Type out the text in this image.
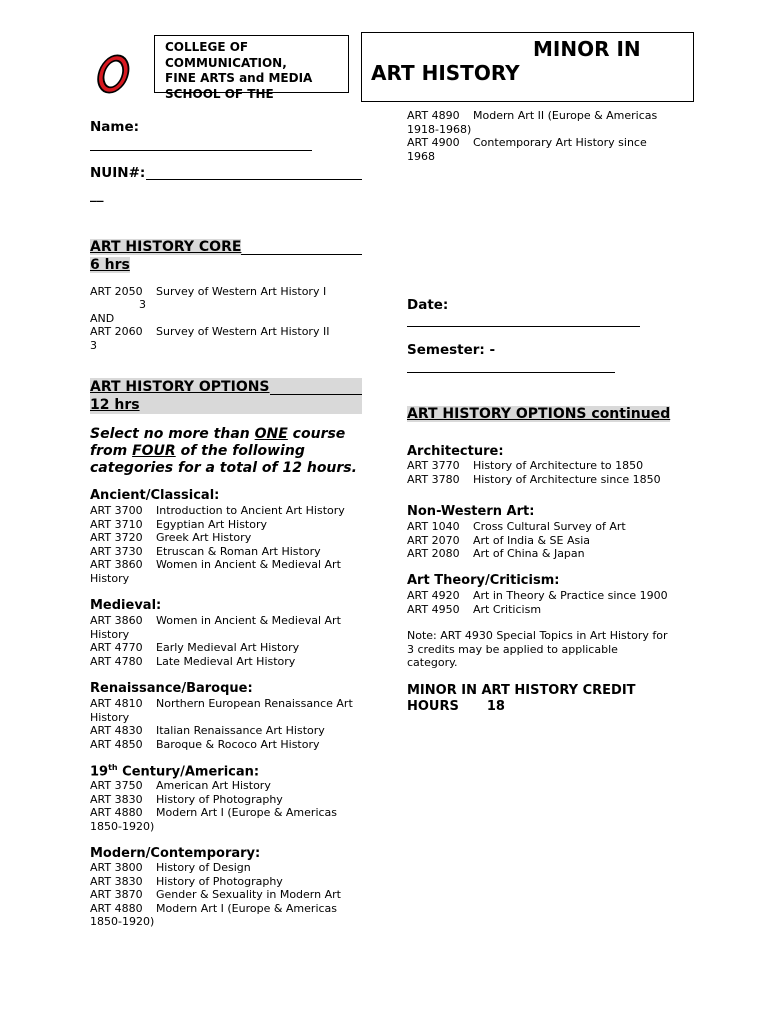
COLLEGE OF
COMMUNICATION,
FINE ARTS and MEDIA
SCHOOL OF THE
MINOR IN
ART HISTORY
Name:
NUIN#:
__
ART HISTORY CORE
6 hrs
ART 2050 Survey of Western Art History I
3
AND
ART 2060 Survey of Western Art History II
3
ART HISTORY OPTIONS
12 hrs
Select no more than ONE course
from FOUR of the following
categories for a total of 12 hours.
Ancient/Classical:
ART 3700 Introduction to Ancient Art History
ART 3710 Egyptian Art History
ART 3720 Greek Art History
ART 3730 Etruscan & Roman Art History
ART 3860 Women in Ancient & Medieval Art
History
Medieval:
ART 3860 Women in Ancient & Medieval Art
History
ART 4770 Early Medieval Art History
ART 4780 Late Medieval Art History
Renaissance/Baroque:
ART 4810 Northern European Renaissance Art
History
ART 4830 Italian Renaissance Art History
ART 4850 Baroque & Rococo Art History
19th Century/American:
ART 3750 American Art History
ART 3830 History of Photography
ART 4880 Modern Art I (Europe & Americas
1850-1920)
Modern/Contemporary:
ART 3800 History of Design
ART 3830 History of Photography
ART 3870 Gender & Sexuality in Modern Art
ART 4880 Modern Art I (Europe & Americas
1850-1920)
ART 4890 Modern Art II (Europe & Americas
1918-1968)
ART 4900 Contemporary Art History since
1968
Date:
Semester: -
ART HISTORY OPTIONS continued
Architecture:
ART 3770 History of Architecture to 1850
ART 3780 History of Architecture since 1850
Non-Western Art:
ART 1040 Cross Cultural Survey of Art
ART 2070 Art of India & SE Asia
ART 2080 Art of China & Japan
Art Theory/Criticism:
ART 4920 Art in Theory & Practice since 1900
ART 4950 Art Criticism
Note: ART 4930 Special Topics in Art History for
3 credits may be applied to applicable
category.
MINOR IN ART HISTORY CREDIT
HOURS 18
